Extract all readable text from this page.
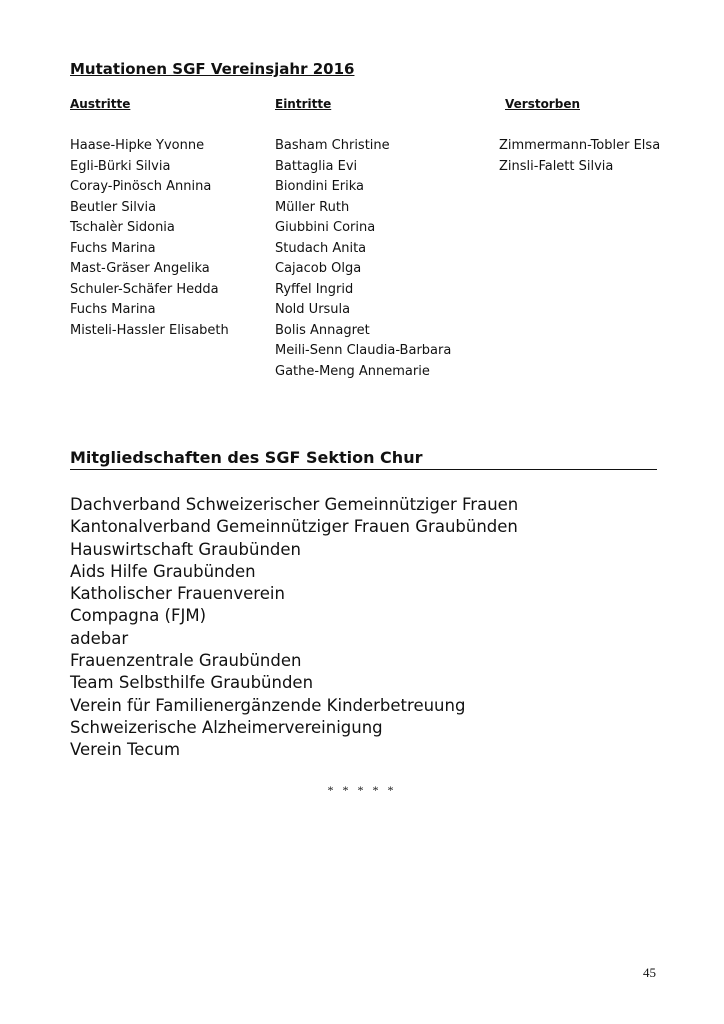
Mutationen SGF Vereinsjahr 2016
Austritte
Haase-Hipke Yvonne
Egli-Bürki Silvia
Coray-Pinösch Annina
Beutler Silvia
Tschalèr Sidonia
Fuchs Marina
Mast-Gräser Angelika
Schuler-Schäfer Hedda
Fuchs Marina
Misteli-Hassler Elisabeth
Eintritte
Basham Christine
Battaglia Evi
Biondini Erika
Müller Ruth
Giubbini Corina
Studach Anita
Cajacob Olga
Ryffel Ingrid
Nold Ursula
Bolis Annagret
Meili-Senn Claudia-Barbara
Gathe-Meng Annemarie
Verstorben
Zimmermann-Tobler Elsa
Zinsli-Falett Silvia
Mitgliedschaften des SGF Sektion Chur
Dachverband Schweizerischer Gemeinnütziger Frauen
Kantonalverband Gemeinnütziger Frauen Graubünden
Hauswirtschaft Graubünden
Aids Hilfe Graubünden
Katholischer Frauenverein
Compagna (FJM)
adebar
Frauenzentrale Graubünden
Team Selbsthilfe Graubünden
Verein für Familienergänzende Kinderbetreuung
Schweizerische Alzheimervereinigung
Verein Tecum
* * * * *
45
